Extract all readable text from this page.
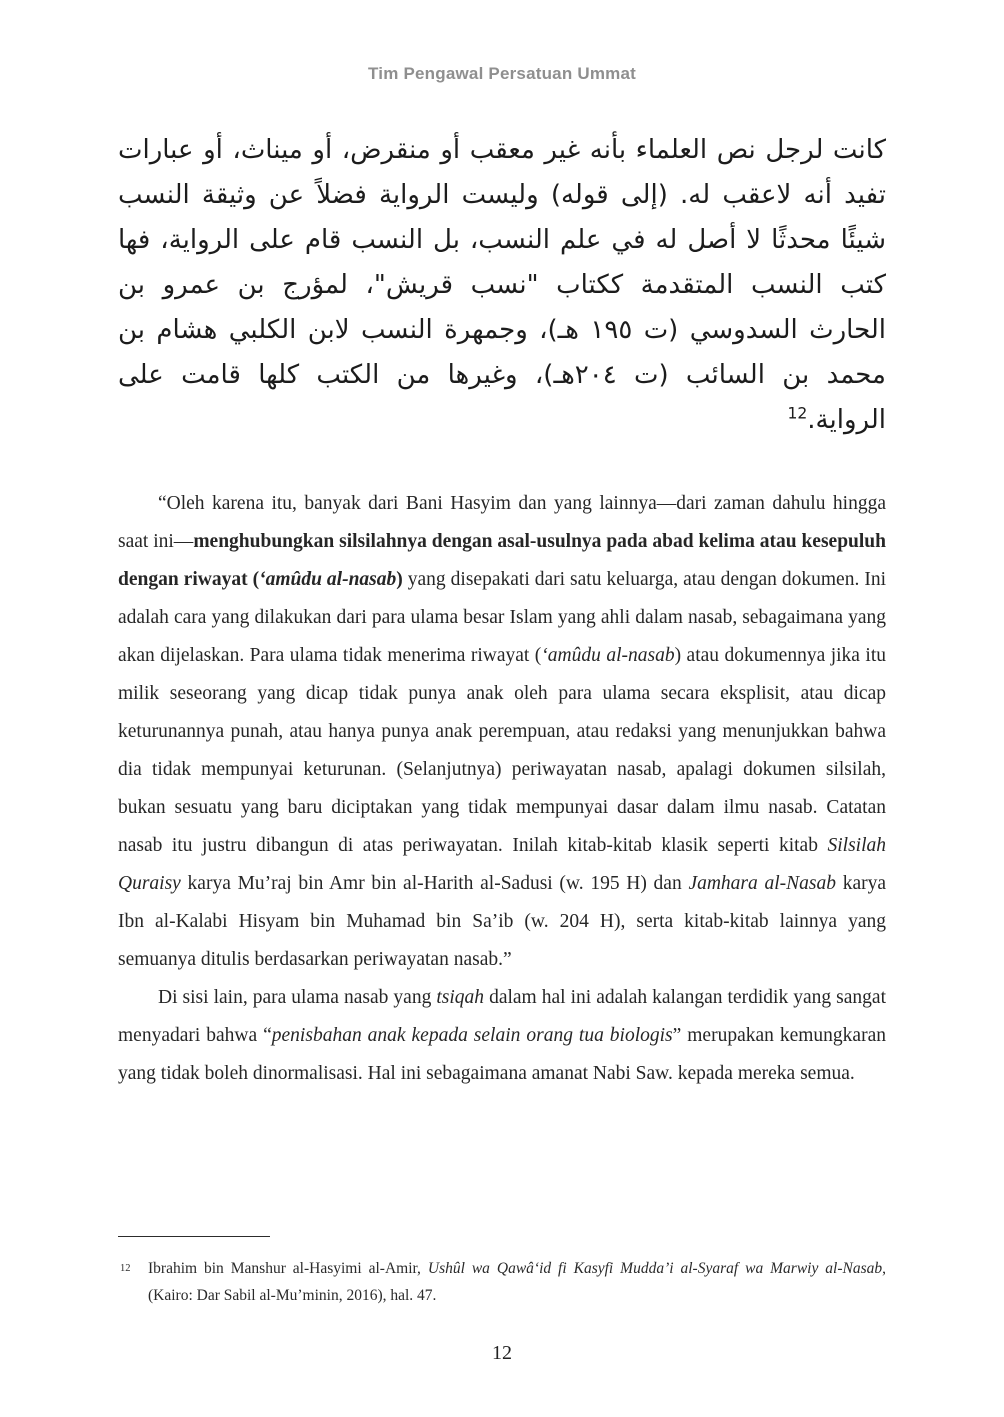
Tim Pengawal Persatuan Ummat

كانت لرجل نص العلماء بأنه غير معقب أو منقرض، أو ميناث، أو عبارات تفيد أنه لاعقب له. (إلى قوله) وليست الرواية فضلاً عن وثيقة النسب شيئًا محدثًا لا أصل له في علم النسب، بل النسب قام على الرواية، فها كتب النسب المتقدمة ككتاب "نسب قريش"، لمؤرج بن عمرو بن الحارث السدوسي (ت ١٩٥ هـ)، وجمهرة النسب لابن الكلبي هشام بن محمد بن السائب (ت ٢٠٤هـ)، وغيرها من الكتب كلها قامت على الرواية.$^{12}$

“Oleh karena itu, banyak dari Bani Hasyim dan yang lainnya—dari zaman dahulu hingga saat ini—menghubungkan silsilahnya dengan asal-usulnya pada abad kelima atau kesepuluh dengan riwayat (‘amûdu al-nasab) yang disepakati dari satu keluarga, atau dengan dokumen. Ini adalah cara yang dilakukan dari para ulama besar Islam yang ahli dalam nasab, sebagaimana yang akan dijelaskan. Para ulama tidak menerima riwayat (‘amûdu al-nasab) atau dokumennya jika itu milik seseorang yang dicap tidak punya anak oleh para ulama secara eksplisit, atau dicap keturunannya punah, atau hanya punya anak perempuan, atau redaksi yang menunjukkan bahwa dia tidak mempunyai keturunan. (Selanjutnya) periwayatan nasab, apalagi dokumen silsilah, bukan sesuatu yang baru diciptakan yang tidak mempunyai dasar dalam ilmu nasab. Catatan nasab itu justru dibangun di atas periwayatan. Inilah kitab-kitab klasik seperti kitab Silsilah Quraisy karya Mu’raj bin Amr bin al-Harith al-Sadusi (w. 195 H) dan Jamhara al-Nasab karya Ibn al-Kalabi Hisyam bin Muhamad bin Sa’ib (w. 204 H), serta kitab-kitab lainnya yang semuanya ditulis berdasarkan periwayatan nasab.”

Di sisi lain, para ulama nasab yang tsiqah dalam hal ini adalah kalangan terdidik yang sangat menyadari bahwa “penisbahan anak kepada selain orang tua biologis” merupakan kemungkaran yang tidak boleh dinormalisasi. Hal ini sebagaimana amanat Nabi Saw. kepada mereka semua.

12	Ibrahim bin Manshur al-Hasyimi al-Amir, Ushûl wa Qawâ‘id fi Kasyfi Mudda’i al-Syaraf wa Marwiy al-Nasab, (Kairo: Dar Sabil al-Mu’minin, 2016), hal. 47.
12
